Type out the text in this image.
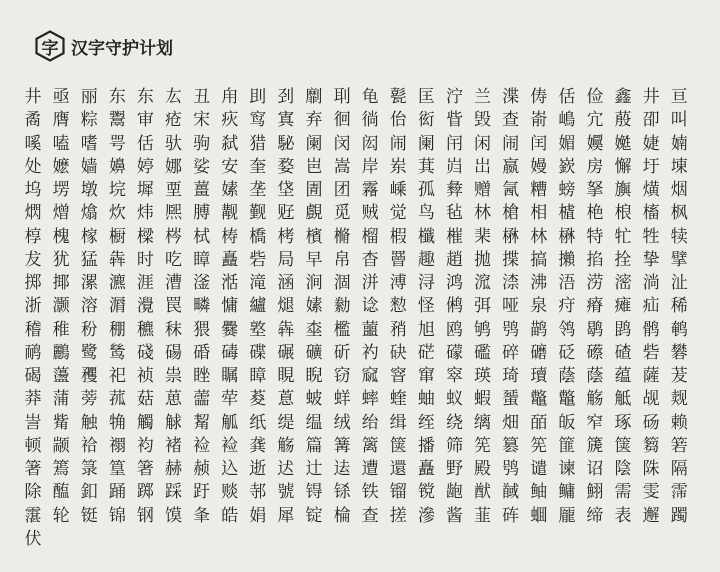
字 汉字守护计划
井 亟 丽 东 东 厷 丑 甪 刞 刭 劘 刵 龟 甏 匡 泞 兰 渫 俦 佸 俭 鑫 井 亘
矞 膺 粽 鬻 审 疮 宋 疢 窎 寘 弃 徊 徜 佁 衒 眥 毁 查 嵛 嶋 宂 蒑 卲 叫
嗘 嗑 嗜 咢 佸 驮 驹 弑 猎 駜 阑 闵 闳 闹 阑 闬 闲 闹 闰 媚 嬽 嬔 婕 婻
处 嬷 嫱 嬶 婷 娜 娑 安 奎 婺 岜 嵩 岸 岽 萁 岿 岀 嬴 嫚 嶔 房 懈 圩 埬
坞 塄 墩 垸 墀 垔 薑 嫊 垄 垡 圊 团 霿 嵊 孤 彜 赠 氥 糟 螃 拏 旟 熿 烟
熌 熷 熻 炊 炜 熈 膊 觏 觐 觃 覻 觅 贼 觉 鸟 毡 林 槍 相 樝 栬 桹 槒 枫
椁 槐 榢 橱 樑 梣 栻 梼 橋 栲 檳 樇 榴 椵 櫼 槯 棐 楙 林 楙 特 牤 牲 犊
犮 犹 猛 犇 时 吃 瞕 矗 砦 局 早 帛 杳 罾 趣 趙 拋 揲 搞 攋 掐 拴 挚 擘
掷 揶 漯 瀌 涯 漕 滏 湉 滝 涵 涧 涸 洴 溥 浔 鸿 溛 渿 沸 浯 涝 滵 淌 沚
浙 灏 溶 漘 灚 罠 疄 慵 纑 煺 嫊 勬 谂 愸 怪 鸺 弭 哑 泉 疛 瘠 瘫 疝 稀
稽 稚 秎 稝 穮 秣 猥 爨 墪 犇 桽 檻 蘁 矟 旭 鸥 鸲 鸮 鹋 鸰 鹖 鹍 鹘 鹌
鸸 鸝 鹭 鸶 碊 碭 碈 碡 碟 碾 礦 斫 礿 砄 硭 礞 礛 碎 礳 砭 礤 碴 砦 礬
碣 蘯 矡 祀 祯 祟 睉 瞩 瞕 睍 睨 窃 窳 窨 窜 窣 瑛 琦 瓄 蔭 蔭 蕴 薩 茇
莽 蒲 蒡 菰 菇 葸 蘦 荦 荾 蒠 蚾 蛘 蟀 蝰 蚰 蚁 蝦 蜑 鼈 鼈 觞 觝 觇 觌
訔 觜 触 觕 觸 觩 觢 觚 纸 缇 缊 绒 绐 缉 绖 绕 缡 畑 皕 皈 窄 琢 砀 赖
顿 颛 祫 禤 袀 褚 裣 裣 龚 觞 篇 篝 篱 箧 播 筛 筅 篡 筅 篚 篪 箧 篘 箬
箸 篶 箓 篁 箸 赫 赪 込 逝 迖 辻 迲 遭 還 矗 野 殿 鸮 谴 谏 诏 陰 陎 隔
除 醢 釦 踊 踯 踩 趶 赕 邿 號 锝 铩 铁 镏 镋 龅 猷 馘 鲉 鳙 鮙 需 雯 霈
霮 轮 铤 锦 钢 馍 夆 皓 娟 犀 锭 棆 查 搓 滲 酱 韮 砗 蜖 龎 缔 表 邂 躅
伏
